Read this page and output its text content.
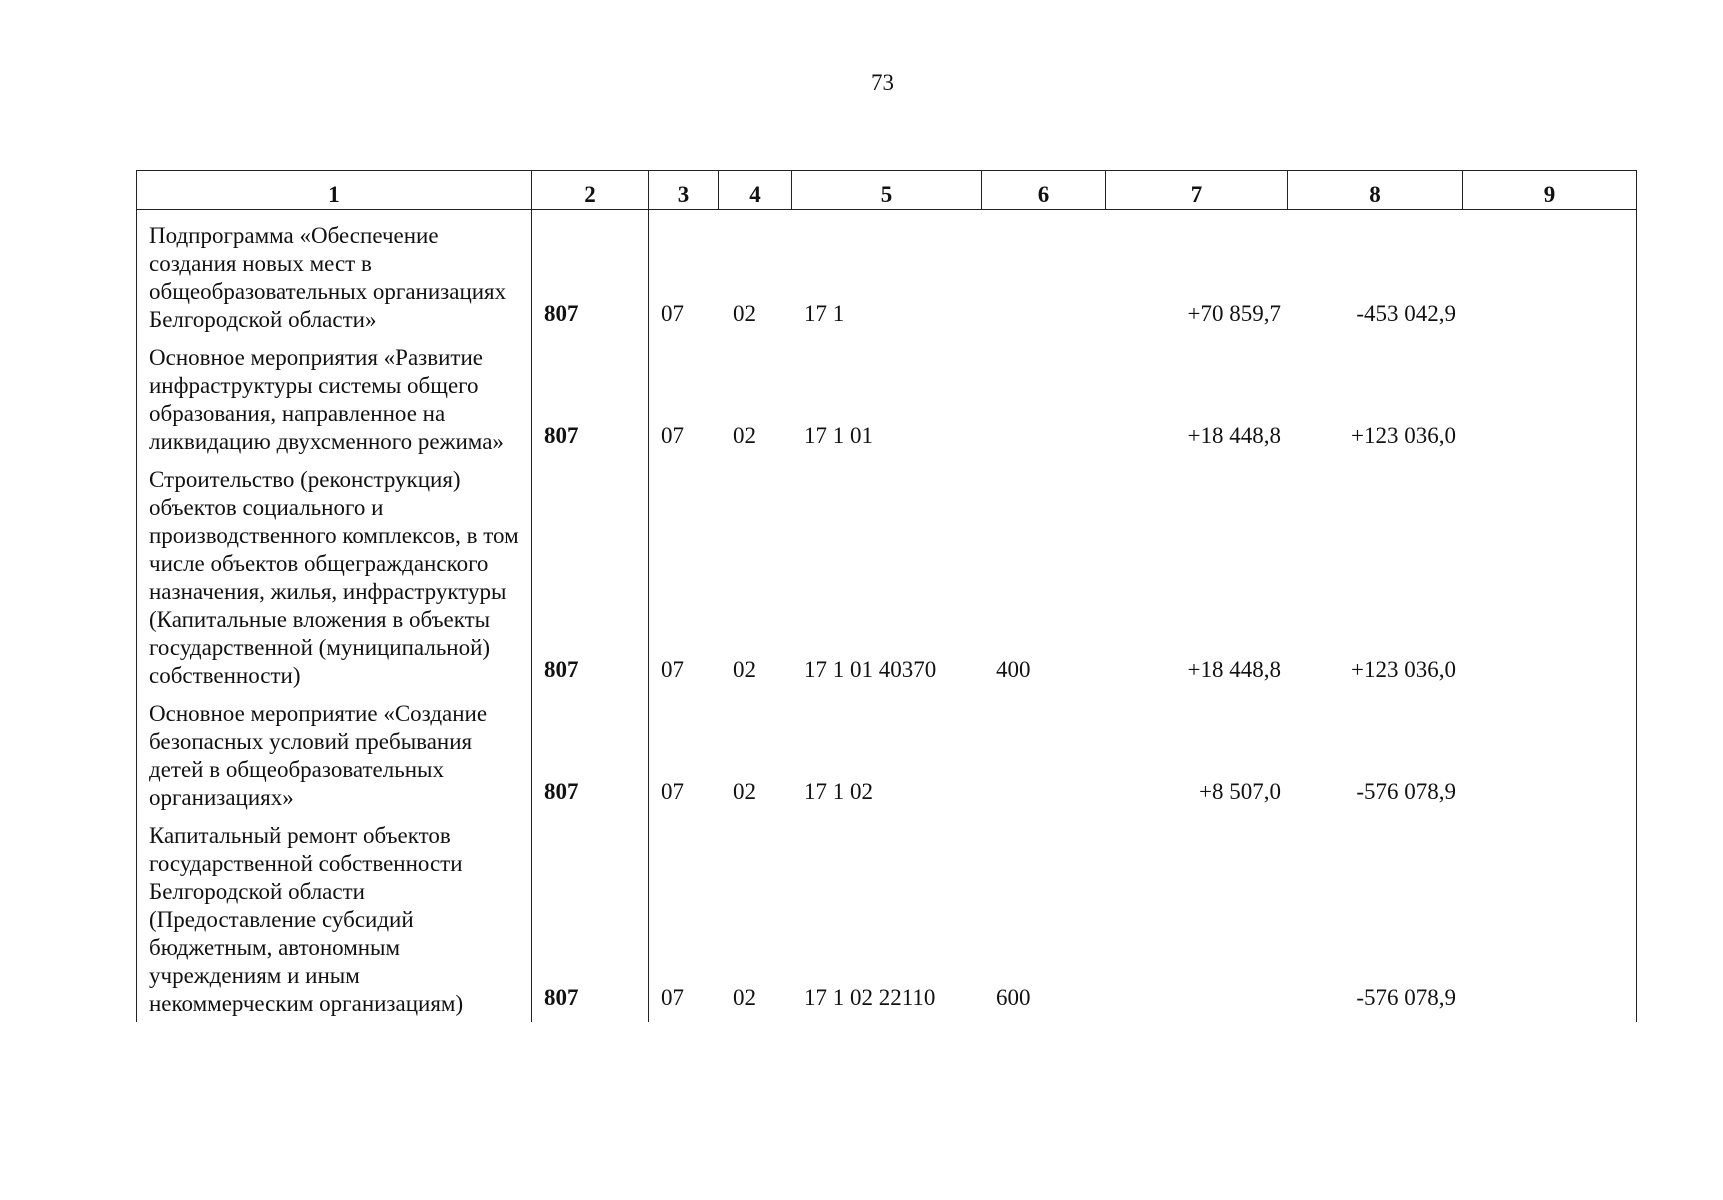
73
1	2	3	4	5	6	7	8	9

Подпрограмма «Обеспечение создания новых мест в общеобразовательных организациях Белгородской области»	807	07	02	17 1		+70 859,7	-453 042,9	
Основное мероприятия «Развитие инфраструктуры системы общего образования, направленное на ликвидацию двухсменного режима»	807	07	02	17 1 01		+18 448,8	+123 036,0	
Строительство (реконструкция) объектов социального и производственного комплексов, в том числе объектов общегражданского назначения, жилья, инфраструктуры (Капитальные вложения в объекты государственной (муниципальной) собственности)	807	07	02	17 1 01 40370	400	+18 448,8	+123 036,0	
Основное мероприятие «Создание безопасных условий пребывания детей в общеобразовательных организациях»	807	07	02	17 1 02		+8 507,0	-576 078,9	
Капитальный ремонт объектов государственной собственности Белгородской области (Предоставление субсидий бюджетным, автономным учреждениям и иным некоммерческим организациям)	807	07	02	17 1 02 22110	600		-576 078,9	
